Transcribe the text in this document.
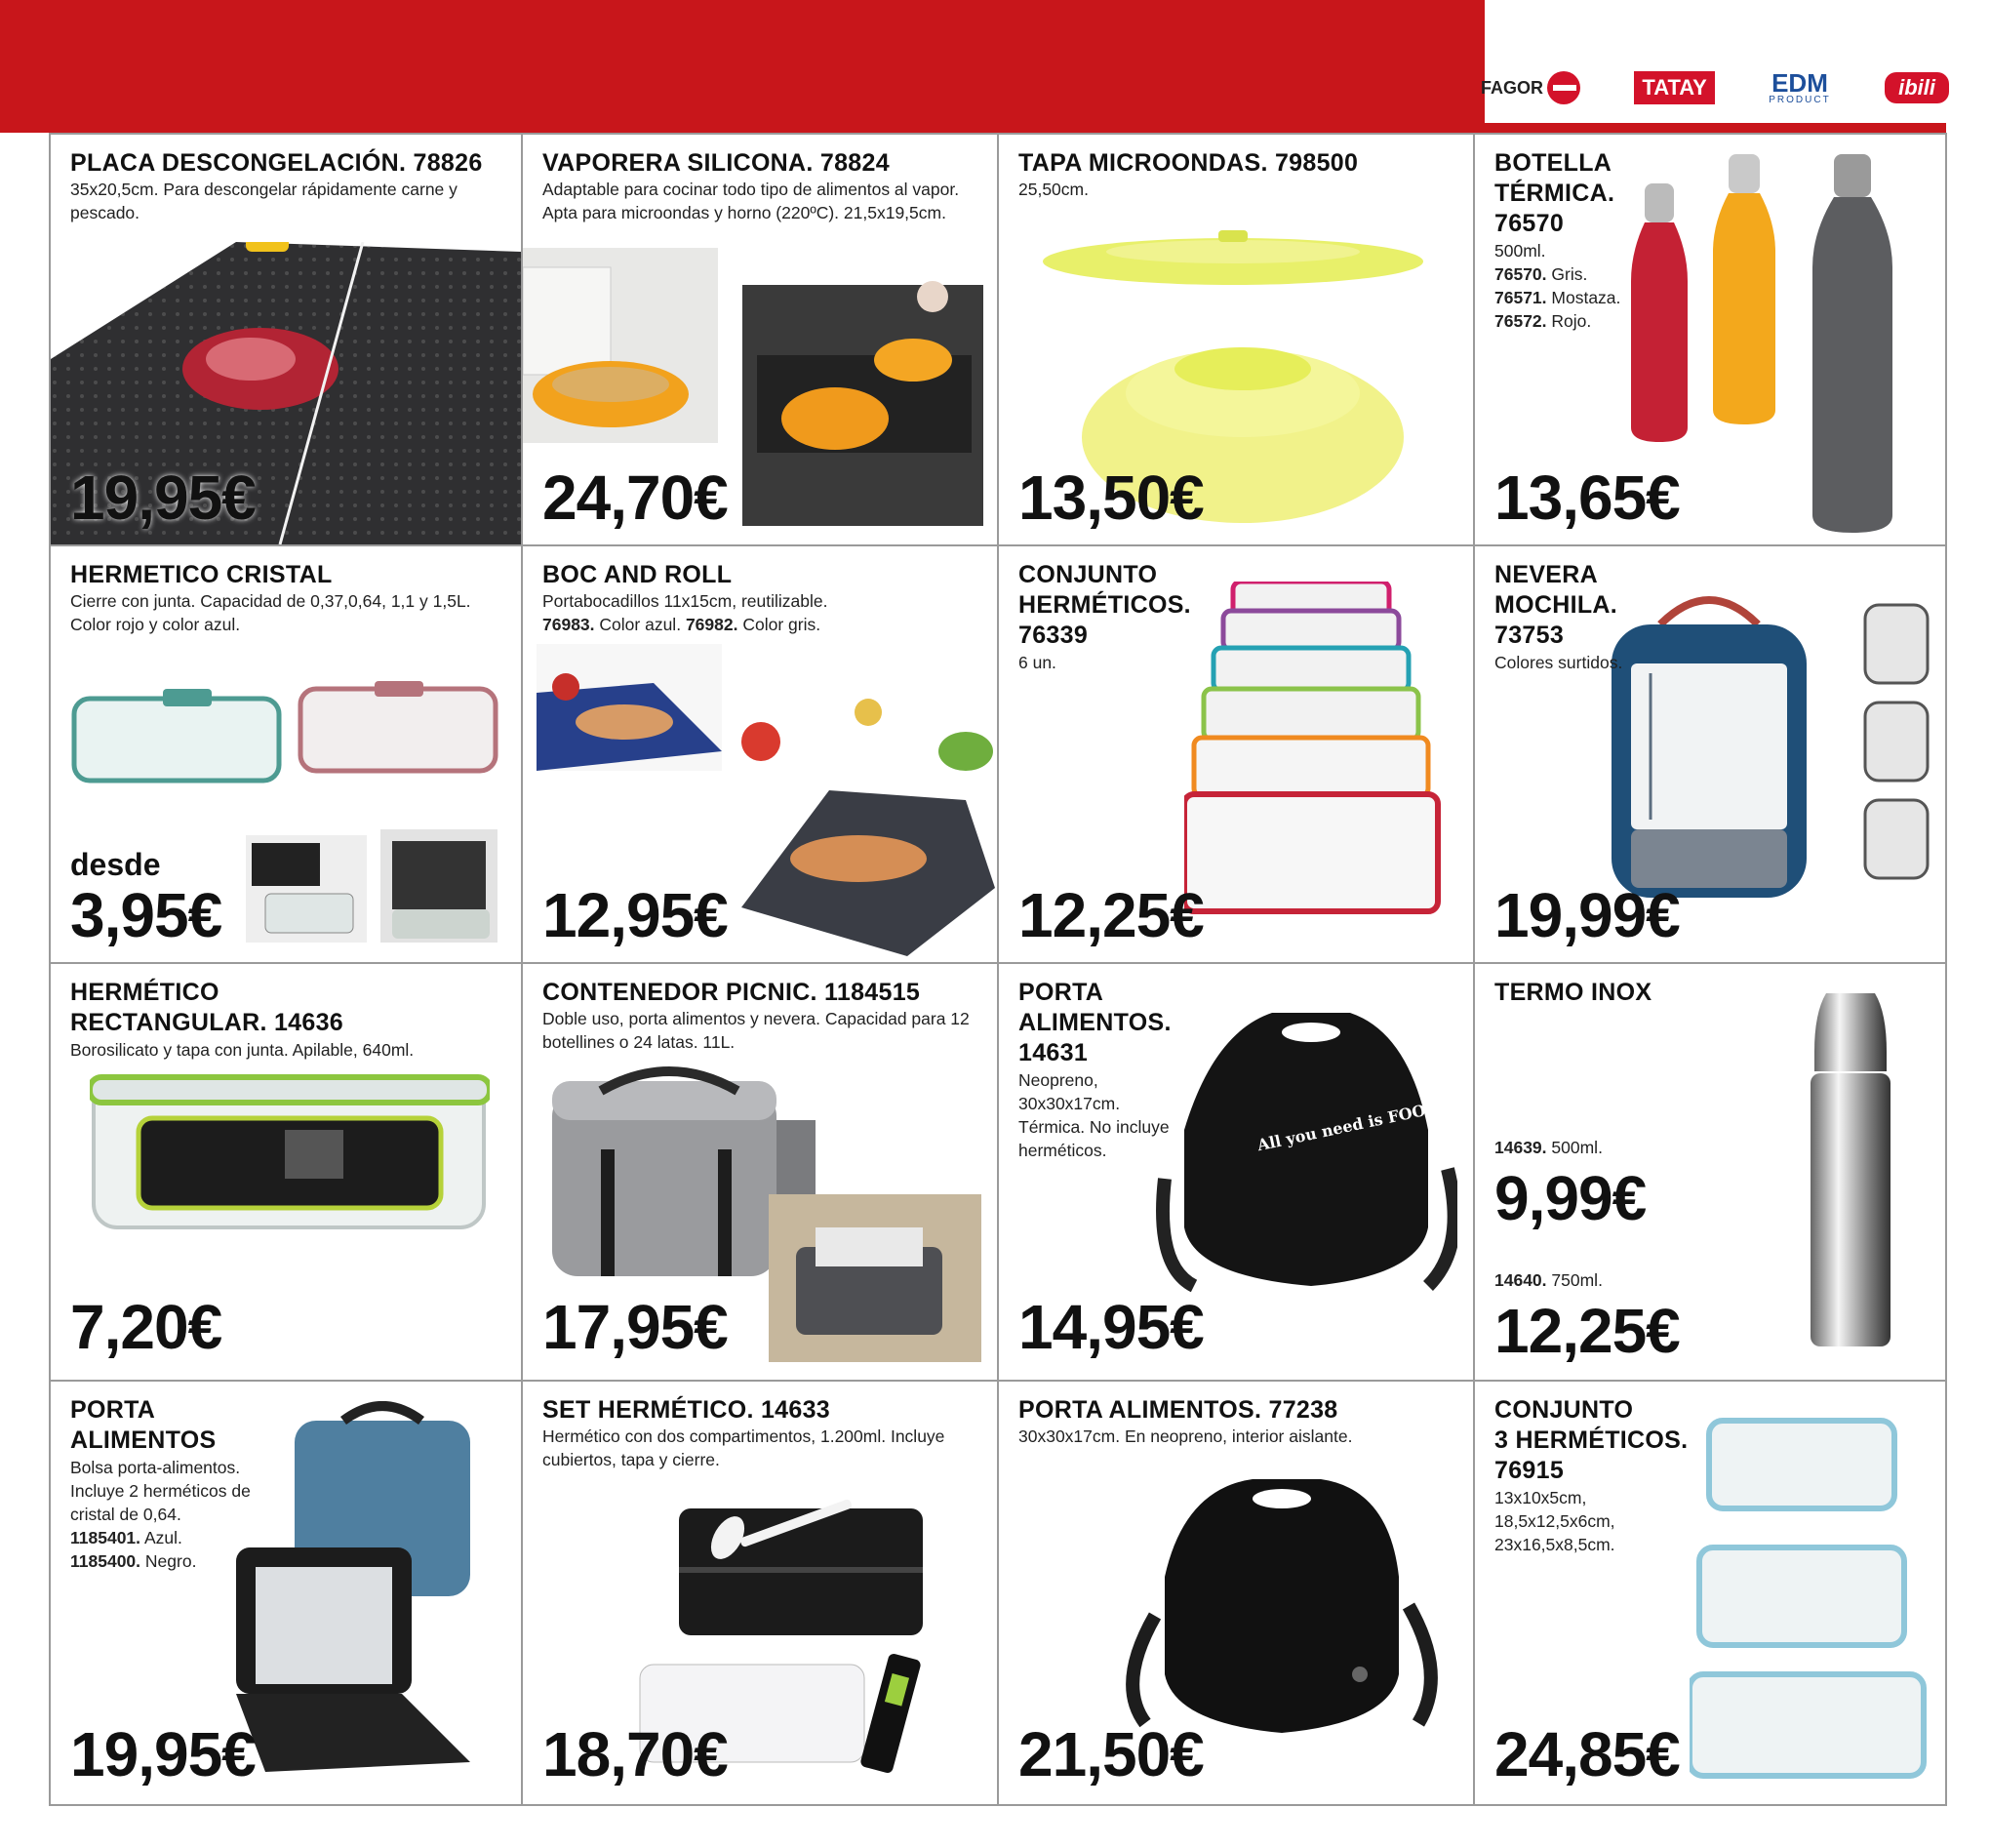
FAGOR	TATAY	EDM
PRODUCT
ibili
PLACA DESCONGELACIÓN. 78826
35x20,5cm. Para descongelar rápidamente carne y pescado.
19,95€
VAPORERA SILICONA. 78824
Adaptable para cocinar todo tipo de alimentos al vapor. Apta para microondas y horno (220ºC). 21,5x19,5cm.
24,70€
TAPA MICROONDAS. 798500
25,50cm.
13,50€
BOTELLA
TÉRMICA.
76570
500ml.
76570. Gris.
76571. Mostaza.
76572. Rojo.
13,65€
HERMETICO CRISTAL
Cierre con junta. Capacidad de 0,37,0,64, 1,1 y 1,5L. Color rojo y color azul.
desde
3,95€
BOC AND ROLL
Portabocadillos 11x15cm, reutilizable.
76983. Color azul. 76982. Color gris.
12,95€
CONJUNTO
HERMÉTICOS.
76339
6 un.
12,25€
NEVERA
MOCHILA.
73753
Colores surtidos.
19,99€
HERMÉTICO
RECTANGULAR. 14636
Borosilicato y tapa con junta. Apilable, 640ml.
7,20€
CONTENEDOR PICNIC. 1184515
Doble uso, porta alimentos y nevera. Capacidad para 12 botellines o 24 latas. 11L.
17,95€
All you need is FOOD
PORTA
ALIMENTOS.
14631
Neopreno, 30x30x17cm. Térmica. No incluye herméticos.
14,95€
TERMO INOX
14639. 500ml.
9,99€
14640. 750ml.
12,25€
PORTA
ALIMENTOS
Bolsa porta-alimentos. Incluye 2 herméticos de cristal de 0,64.
1185401. Azul.
1185400. Negro.
19,95€
SET HERMÉTICO. 14633
Hermético con dos compartimentos, 1.200ml. Incluye cubiertos, tapa y cierre.
18,70€
PORTA ALIMENTOS. 77238
30x30x17cm. En neopreno, interior aislante.
21,50€
CONJUNTO
3 HERMÉTICOS.
76915
13x10x5cm, 18,5x12,5x6cm, 23x16,5x8,5cm.
24,85€
